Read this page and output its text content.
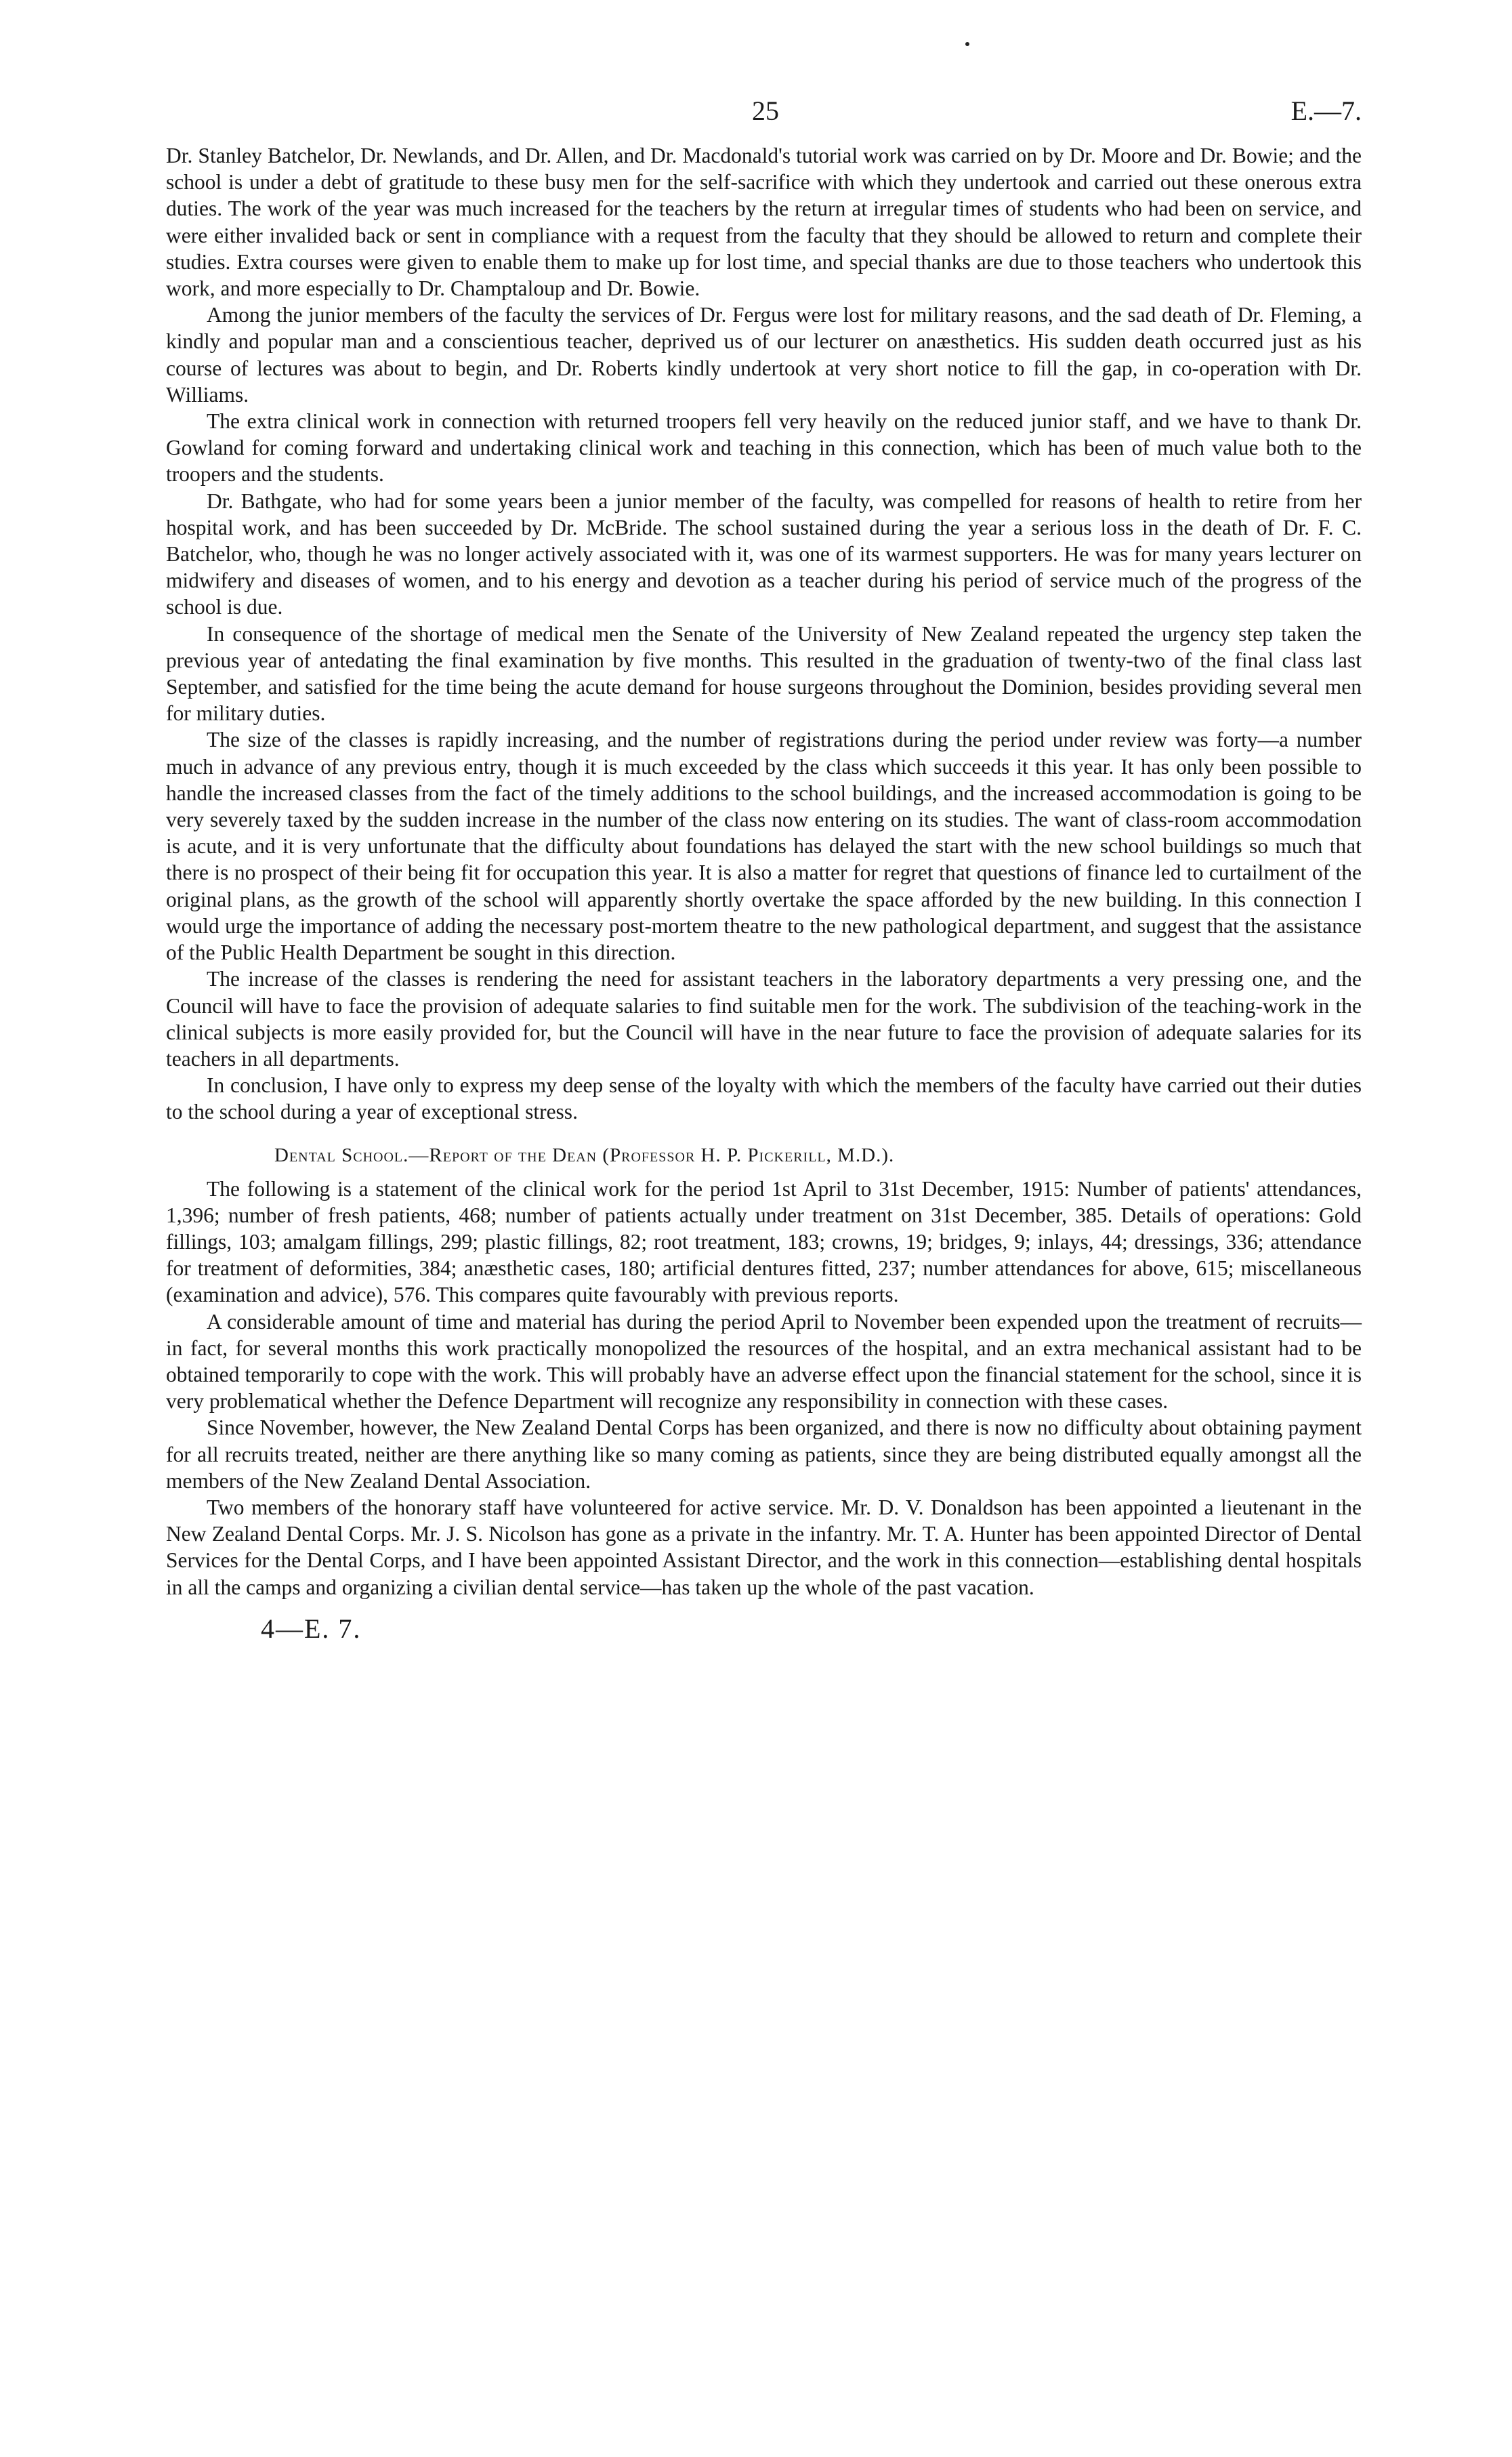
25	E.—7.

Dr. Stanley Batchelor, Dr. Newlands, and Dr. Allen, and Dr. Macdonald's tutorial work was carried on by Dr. Moore and Dr. Bowie; and the school is under a debt of gratitude to these busy men for the self-sacrifice with which they undertook and carried out these onerous extra duties. The work of the year was much increased for the teachers by the return at irregular times of students who had been on service, and were either invalided back or sent in compliance with a request from the faculty that they should be allowed to return and complete their studies. Extra courses were given to enable them to make up for lost time, and special thanks are due to those teachers who undertook this work, and more especially to Dr. Champtaloup and Dr. Bowie.

Among the junior members of the faculty the services of Dr. Fergus were lost for military reasons, and the sad death of Dr. Fleming, a kindly and popular man and a conscientious teacher, deprived us of our lecturer on anæsthetics. His sudden death occurred just as his course of lectures was about to begin, and Dr. Roberts kindly undertook at very short notice to fill the gap, in co-operation with Dr. Williams.

The extra clinical work in connection with returned troopers fell very heavily on the reduced junior staff, and we have to thank Dr. Gowland for coming forward and undertaking clinical work and teaching in this connection, which has been of much value both to the troopers and the students.

Dr. Bathgate, who had for some years been a junior member of the faculty, was compelled for reasons of health to retire from her hospital work, and has been succeeded by Dr. McBride. The school sustained during the year a serious loss in the death of Dr. F. C. Batchelor, who, though he was no longer actively associated with it, was one of its warmest supporters. He was for many years lecturer on midwifery and diseases of women, and to his energy and devotion as a teacher during his period of service much of the progress of the school is due.

In consequence of the shortage of medical men the Senate of the University of New Zealand repeated the urgency step taken the previous year of antedating the final examination by five months. This resulted in the graduation of twenty-two of the final class last September, and satisfied for the time being the acute demand for house surgeons throughout the Dominion, besides providing several men for military duties.

The size of the classes is rapidly increasing, and the number of registrations during the period under review was forty—a number much in advance of any previous entry, though it is much exceeded by the class which succeeds it this year. It has only been possible to handle the increased classes from the fact of the timely additions to the school buildings, and the increased accommodation is going to be very severely taxed by the sudden increase in the number of the class now entering on its studies. The want of class-room accommodation is acute, and it is very unfortunate that the difficulty about foundations has delayed the start with the new school buildings so much that there is no prospect of their being fit for occupation this year. It is also a matter for regret that questions of finance led to curtailment of the original plans, as the growth of the school will apparently shortly overtake the space afforded by the new building. In this connection I would urge the importance of adding the necessary post-mortem theatre to the new pathological department, and suggest that the assistance of the Public Health Department be sought in this direction.

The increase of the classes is rendering the need for assistant teachers in the laboratory departments a very pressing one, and the Council will have to face the provision of adequate salaries to find suitable men for the work. The subdivision of the teaching-work in the clinical subjects is more easily provided for, but the Council will have in the near future to face the provision of adequate salaries for its teachers in all departments.

In conclusion, I have only to express my deep sense of the loyalty with which the members of the faculty have carried out their duties to the school during a year of exceptional stress.

Dental School.—Report of the Dean (Professor H. P. Pickerill, M.D.).

The following is a statement of the clinical work for the period 1st April to 31st December, 1915: Number of patients' attendances, 1,396; number of fresh patients, 468; number of patients actually under treatment on 31st December, 385. Details of operations: Gold fillings, 103; amalgam fillings, 299; plastic fillings, 82; root treatment, 183; crowns, 19; bridges, 9; inlays, 44; dressings, 336; attendance for treatment of deformities, 384; anæsthetic cases, 180; artificial dentures fitted, 237; number attendances for above, 615; miscellaneous (examination and advice), 576. This compares quite favourably with previous reports.

A considerable amount of time and material has during the period April to November been expended upon the treatment of recruits—in fact, for several months this work practically monopolized the resources of the hospital, and an extra mechanical assistant had to be obtained temporarily to cope with the work. This will probably have an adverse effect upon the financial statement for the school, since it is very problematical whether the Defence Department will recognize any responsibility in connection with these cases.

Since November, however, the New Zealand Dental Corps has been organized, and there is now no difficulty about obtaining payment for all recruits treated, neither are there anything like so many coming as patients, since they are being distributed equally amongst all the members of the New Zealand Dental Association.

Two members of the honorary staff have volunteered for active service. Mr. D. V. Donaldson has been appointed a lieutenant in the New Zealand Dental Corps. Mr. J. S. Nicolson has gone as a private in the infantry. Mr. T. A. Hunter has been appointed Director of Dental Services for the Dental Corps, and I have been appointed Assistant Director, and the work in this connection—establishing dental hospitals in all the camps and organizing a civilian dental service—has taken up the whole of the past vacation.

4—E. 7.
